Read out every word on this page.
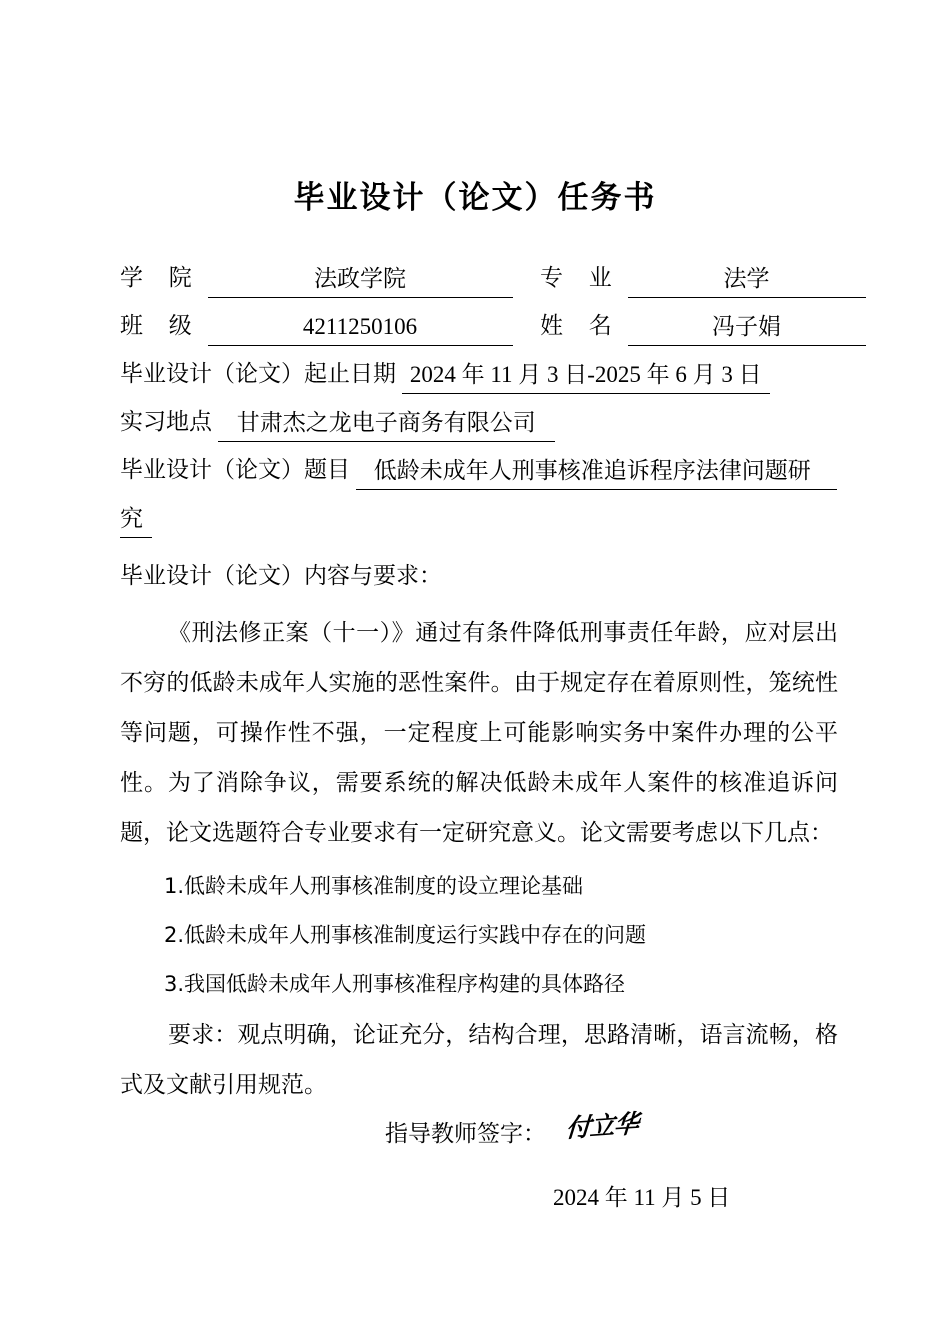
毕业设计（论文）任务书
学 院	法政学院	专 业	法学
班 级	4211250106	姓 名	冯子娟
毕业设计（论文）起止日期 2024 年 11 月 3 日-2025 年 6 月 3 日
实习地点 甘肃杰之龙电子商务有限公司
毕业设计（论文）题目 低龄未成年人刑事核准追诉程序法律问题研
究
毕业设计（论文）内容与要求：
《刑法修正案（十一）》通过有条件降低刑事责任年龄，应对层出不穷的低龄未成年人实施的恶性案件。由于规定存在着原则性，笼统性等问题，可操作性不强，一定程度上可能影响实务中案件办理的公平性。为了消除争议，需要系统的解决低龄未成年人案件的核准追诉问题，论文选题符合专业要求有一定研究意义。论文需要考虑以下几点：
1.低龄未成年人刑事核准制度的设立理论基础
2.低龄未成年人刑事核准制度运行实践中存在的问题
3.我国低龄未成年人刑事核准程序构建的具体路径
要求：观点明确，论证充分，结构合理，思路清晰，语言流畅，格式及文献引用规范。
指导教师签字： 付立华
2024 年 11 月 5 日
